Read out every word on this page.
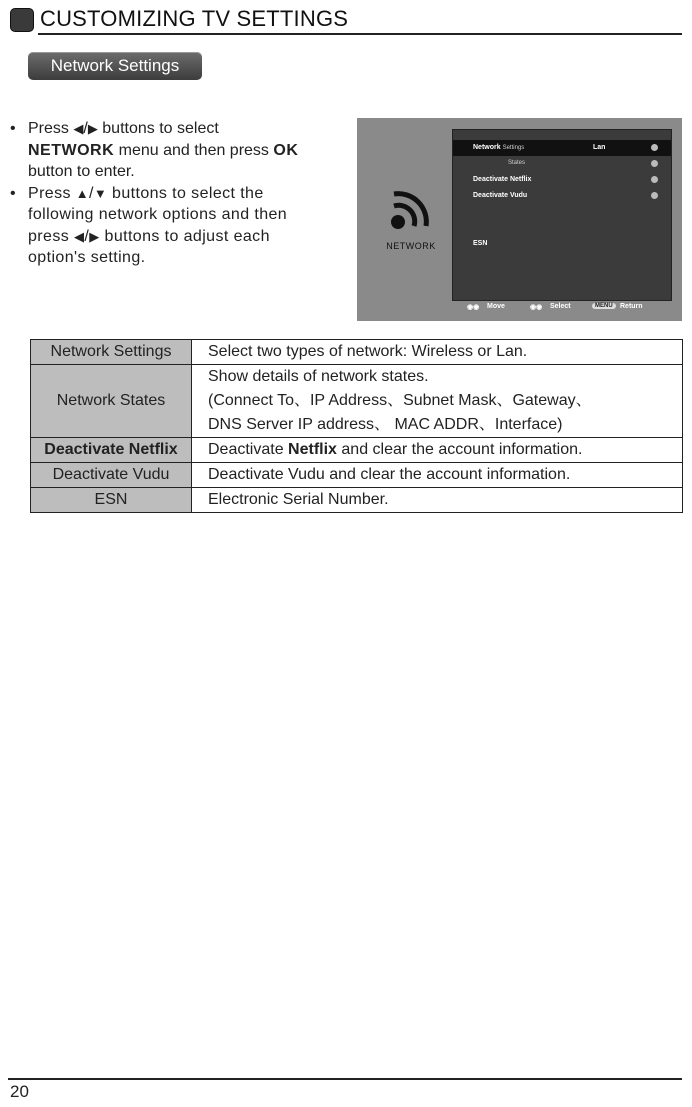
CUSTOMIZING TV SETTINGS
Network Settings
• Press ◀/▶ buttons to select
NETWORK menu and then press OK
button to enter.
• Press ▲/▼ buttons to select the
following network options and then
press ◀/▶ buttons to adjust each
option's setting.
NETWORK
Network Settings	Lan
States
Deactivate Netflix
Deactivate Vudu
ESN
◉◉ Move	◉◉ Select	MENU	Return
Network Settings	Select two types of network: Wireless or Lan.
Network States	Show details of network states.
(Connect To、IP Address、Subnet Mask、Gateway、
DNS Server IP address、 MAC ADDR、Interface)

Deactivate Netflix	Deactivate Netflix and clear the account information.
Deactivate Vudu	Deactivate Vudu and clear the account information.
ESN	Electronic Serial Number.
20
